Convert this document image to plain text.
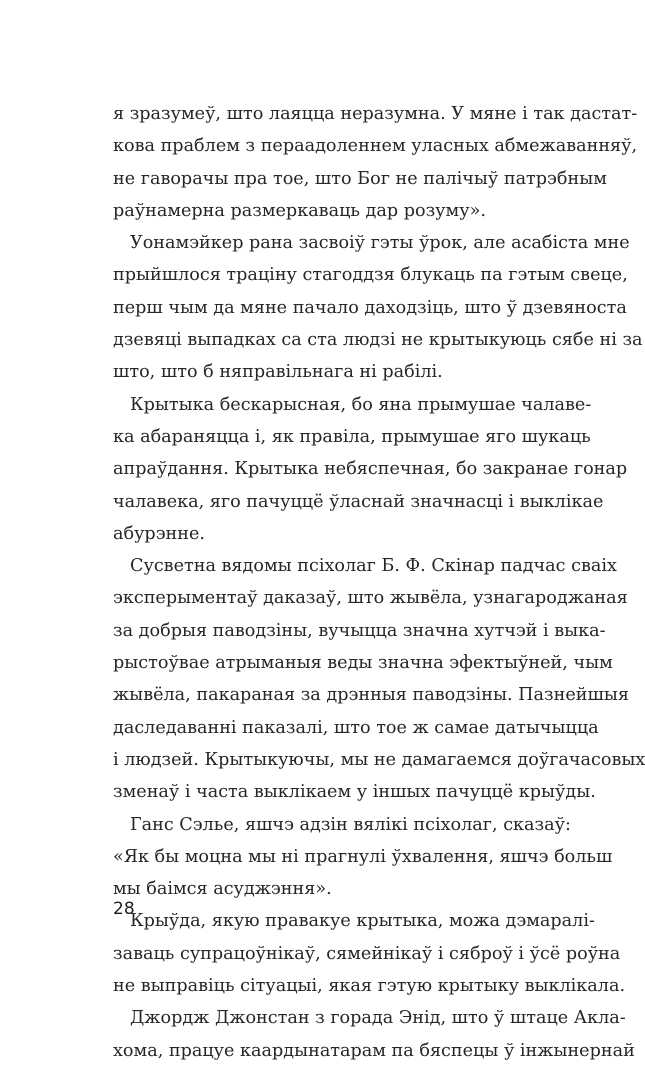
я зразумеў, што лаяцца неразумна. У мяне і так дастат-
кова праблем з пераадоленнем уласных абмежаванняў,
не гаворачы пра тое, што Бог не палічыў патрэбным
раўнамерна размеркаваць дар розуму».
Уонамэйкер рана засвоіў гэты ўрок, але асабіста мне
прыйшлося трацiну стагоддзя блукаць па гэтым свеце,
перш чым да мяне пачало даходзіць, што ў дзевяноста
дзевяці выпадках са ста людзі не крытыкуюць сябе ні за
што, што б няправільнага ні рабілі.
Крытыка бескарысная, бо яна прымушае чалаве-
ка абараняцца і, як правіла, прымушае яго шукаць
апраўдання. Крытыка небяспечная, бо закранае гонар
чалавека, яго пачуццё ўласнай значнасці і выклікае
абурэнне.
Сусветна вядомы псіхолаг Б. Ф. Скінар падчас сваіх
эксперыментаў даказаў, што жывёла, узнагароджаная
за добрыя паводзіны, вучыцца значна хутчэй і выка-
рыстоўвае атрыманыя веды значна эфектыўней, чым
жывёла, пакараная за дрэнныя паводзіны. Пазнейшыя
даследаванні паказалі, што тое ж самае датычыцца
і людзей. Крытыкуючы, мы не дамагаемся доўгачасовых
зменаў і часта выклікаем у іншых пачуццё крыўды.
Ганс Сэлье, яшчэ адзін вялікі псіхолаг, сказаў:
«Як бы моцна мы ні прагнулі ўхвалення, яшчэ больш
мы баімся асуджэння».
Крыўда, якую правакуе крытыка, можа дэмаралі-
заваць супрацоўнікаў, сямейнікаў і сяброў і ўсё роўна
не выправіць сітуацыі, якая гэтую крытыку выклікала.
Джордж Джонстан з горада Энід, што ў штаце Акла-
хома, працуе каардынатарам па бяспецы ў інжынернай
28
